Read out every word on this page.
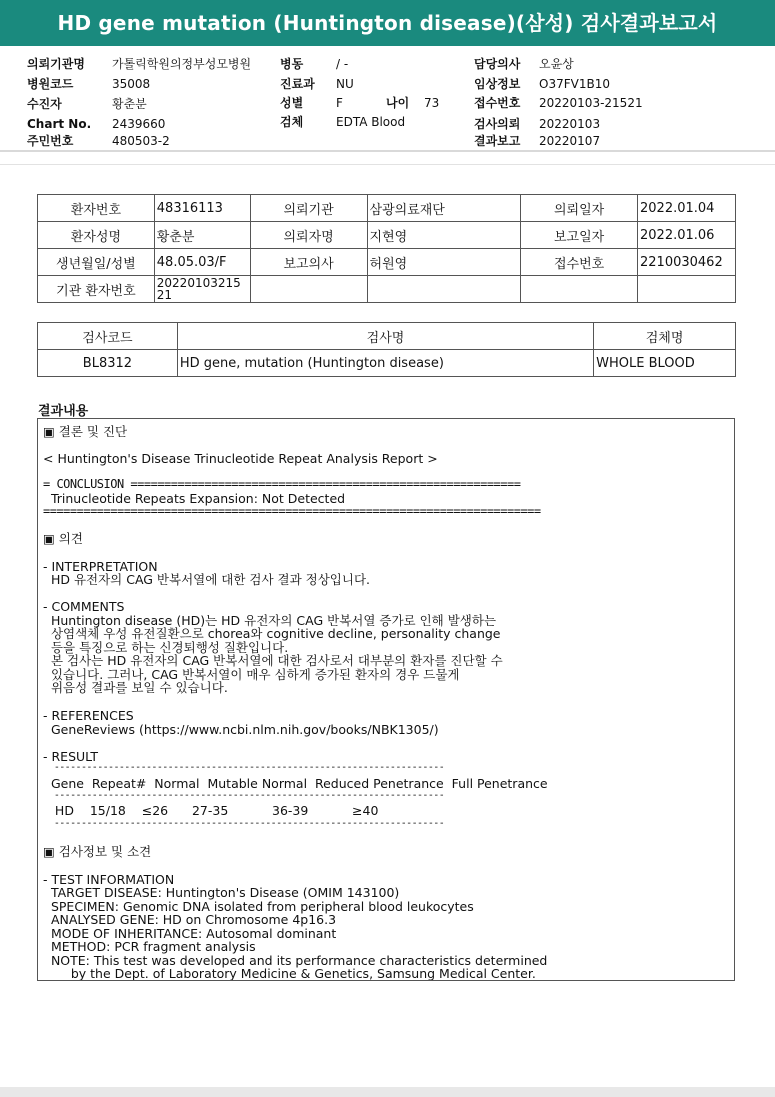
HD gene mutation (Huntington disease)(삼성) 검사결과보고서
의뢰기관명 가톨릭학원의정부성모병원
병원코드	35008
수진자	황춘분
Chart No. 2439660
주민번호	480503-2
병동	/ -
진료과 NU
성별	F	나이 73
검체	EDTA Blood
담당의사 오윤상
임상정보 O37FV1B10
접수번호 20220103-21521
검사의뢰 20220103
결과보고 20220107
환자번호	48316113	의뢰기관	삼광의료재단	의뢰일자	2022.01.04
환자성명	황춘분	의뢰자명	지현영	보고일자	2022.01.06
생년월일/성별	48.05.03/F	보고의사	허원영	접수번호	2210030462
기관 환자번호	2022010321521				
검사코드	검사명	검체명
BL8312	HD gene, mutation (Huntington disease)	WHOLE BLOOD
결과내용
▣ 결론 및 진단
< Huntington's Disease Trinucleotide Repeat Analysis Report >
= CONCLUSION ==========================================================
Trinucleotide Repeats Expansion: Not Detected
==========================================================================
▣ 의견
- INTERPRETATION
HD 유전자의 CAG 반복서열에 대한 검사 결과 정상입니다.
- COMMENTS
Huntington disease (HD)는 HD 유전자의 CAG 반복서열 증가로 인해 발생하는
상염색체 우성 유전질환으로 chorea와 cognitive decline, personality change
등을 특징으로 하는 신경퇴행성 질환입니다.
본 검사는 HD 유전자의 CAG 반복서열에 대한 검사로서 대부분의 환자를 진단할 수
있습니다. 그러나, CAG 반복서열이 매우 심하게 증가된 환자의 경우 드물게
위음성 결과를 보일 수 있습니다.
- REFERENCES
GeneReviews (https://www.ncbi.nlm.nih.gov/books/NBK1305/)
- RESULT
------------------------------------------------------------------------
Gene  Repeat#  Normal  Mutable Normal  Reduced Penetrance  Full Penetrance
------------------------------------------------------------------------
HD    15/18    ≤26      27-35           36-39           ≥40
------------------------------------------------------------------------
▣ 검사정보 및 소견
- TEST INFORMATION
TARGET DISEASE: Huntington's Disease (OMIM 143100)
SPECIMEN: Genomic DNA isolated from peripheral blood leukocytes
ANALYSED GENE: HD on Chromosome 4p16.3
MODE OF INHERITANCE: Autosomal dominant
METHOD: PCR fragment analysis
NOTE: This test was developed and its performance characteristics determined
by the Dept. of Laboratory Medicine & Genetics, Samsung Medical Center.
